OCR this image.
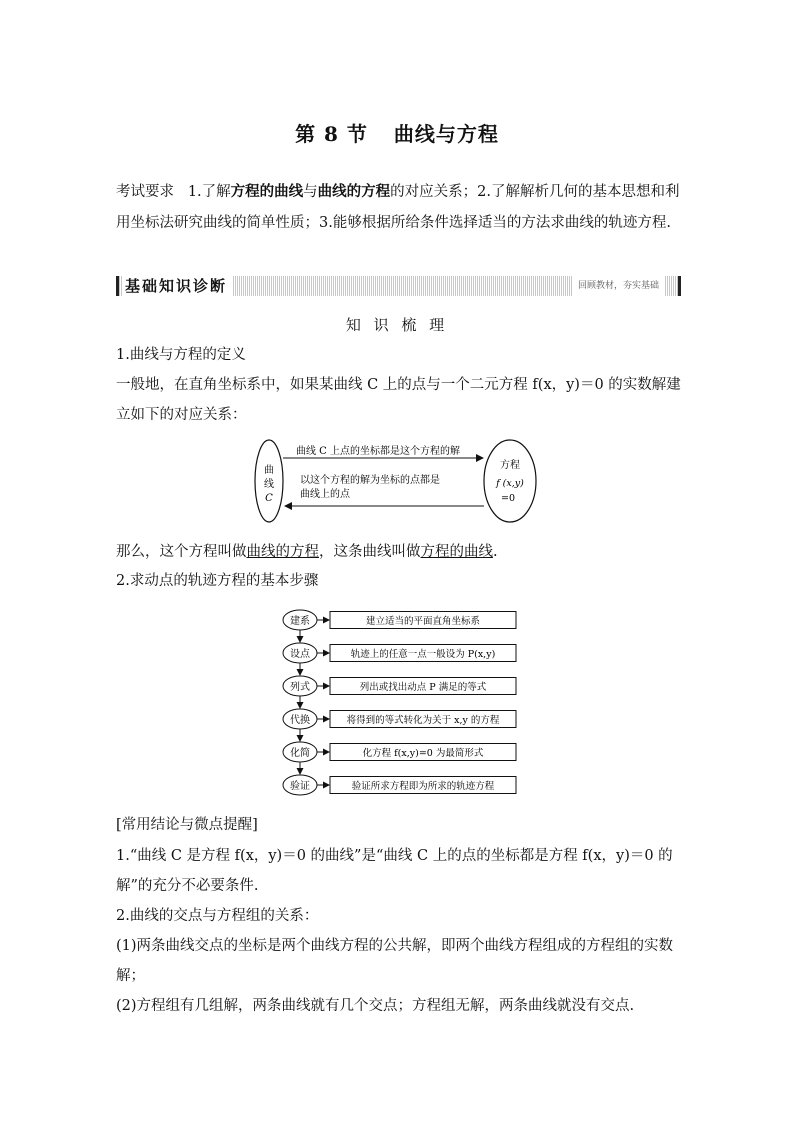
第 8 节 曲线与方程
考试要求 1.了解方程的曲线与曲线的方程的对应关系；2.了解解析几何的基本思想和利用坐标法研究曲线的简单性质；3.能够根据所给条件选择适当的方法求曲线的轨迹方程.
基础知识诊断	回顾教材，夯实基础
知 识 梳 理
1.曲线与方程的定义
一般地，在直角坐标系中，如果某曲线 C 上的点与一个二元方程 f(x，y)＝0 的实数解建立如下的对应关系：
曲
线
C
方程
f (x,y)
=0
曲线 C 上点的坐标都是这个方程的解
以这个方程的解为坐标的点都是
曲线上的点
那么，这个方程叫做曲线的方程，这条曲线叫做方程的曲线.
2.求动点的轨迹方程的基本步骤
建系	建立适当的平面直角坐标系
设点	轨迹上的任意一点一般设为 P(x,y)
列式	列出或找出动点 P 满足的等式
代换	将得到的等式转化为关于 x,y 的方程
化简	化方程 f(x,y)=0 为最简形式
验证	验证所求方程即为所求的轨迹方程

[常用结论与微点提醒]
1.“曲线 C 是方程 f(x，y)＝0 的曲线”是“曲线 C 上的点的坐标都是方程 f(x，y)＝0 的解”的充分不必要条件.
2.曲线的交点与方程组的关系：
(1)两条曲线交点的坐标是两个曲线方程的公共解，即两个曲线方程组成的方程组的实数解；
(2)方程组有几组解，两条曲线就有几个交点；方程组无解，两条曲线就没有交点.
